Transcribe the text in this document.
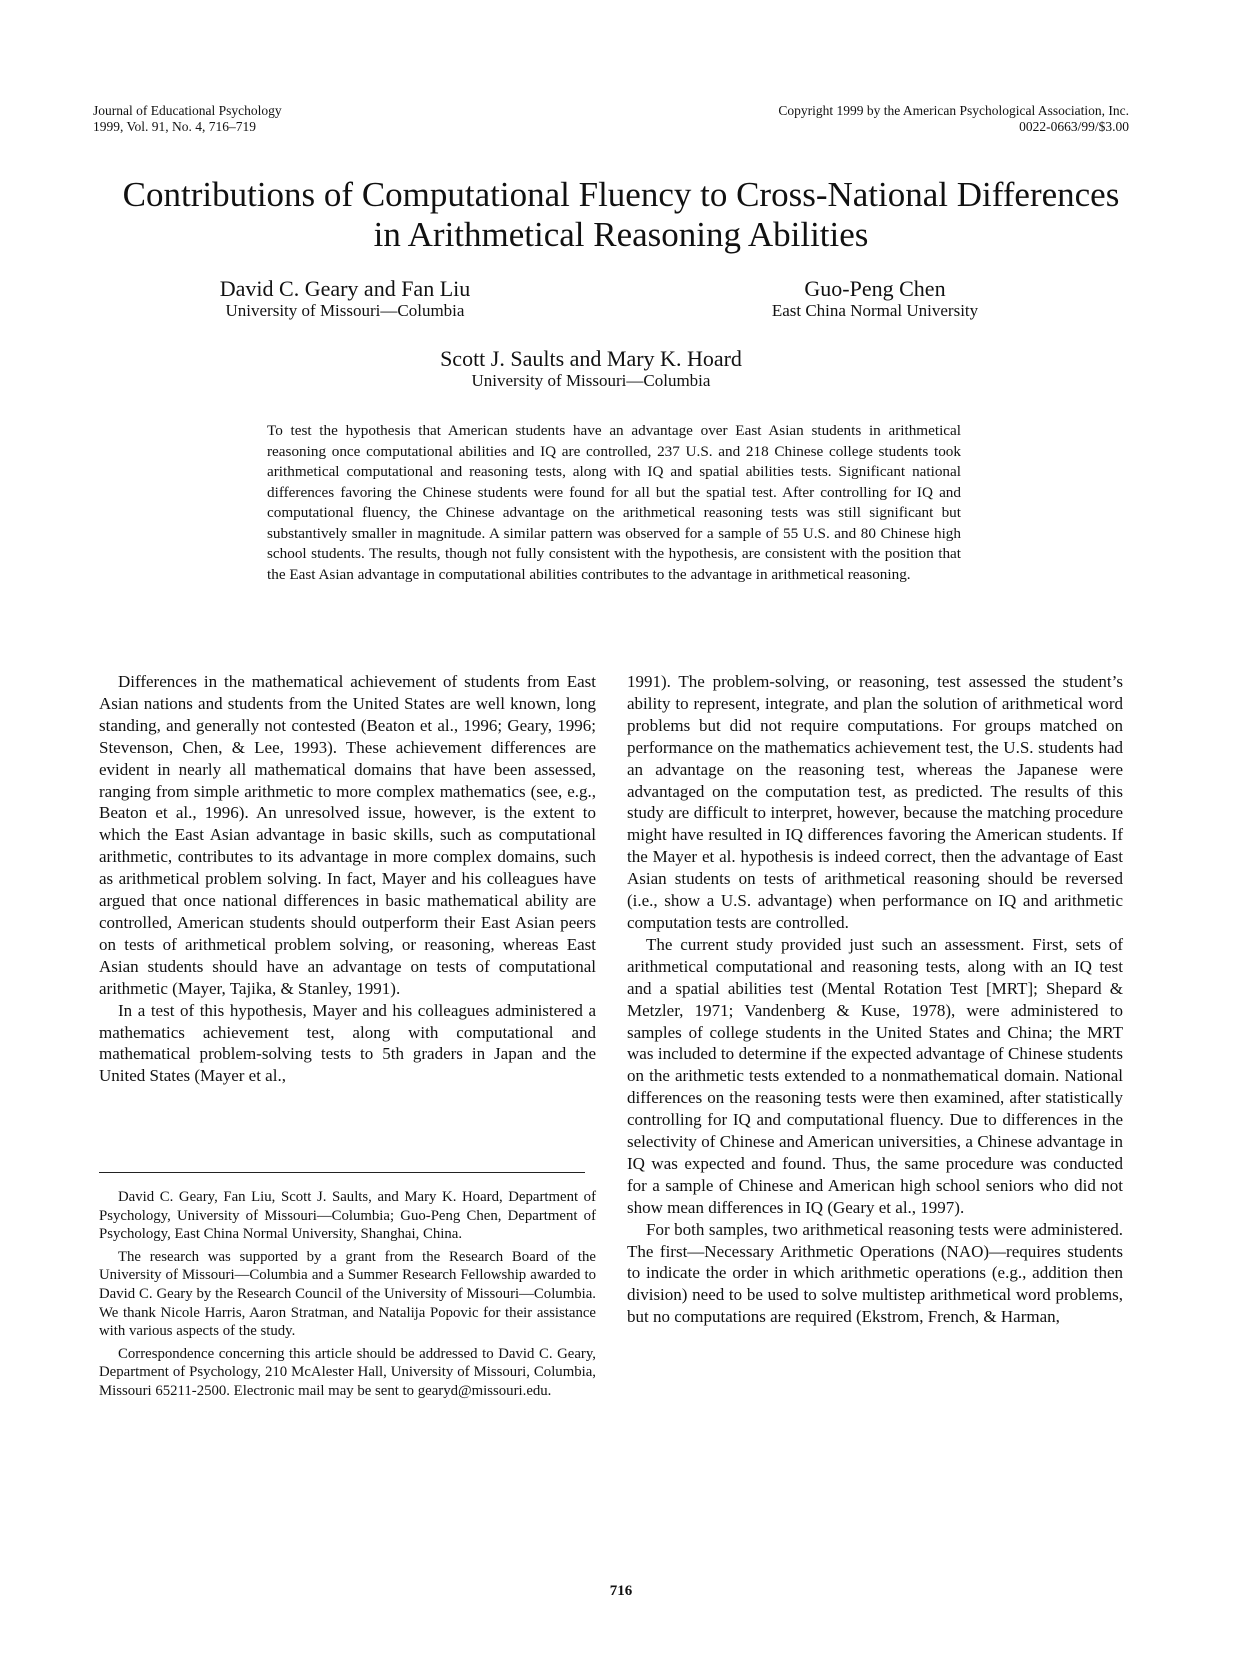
Journal of Educational Psychology
1999, Vol. 91, No. 4, 716–719
Copyright 1999 by the American Psychological Association, Inc.
0022-0663/99/$3.00
Contributions of Computational Fluency to Cross-National Differences
in Arithmetical Reasoning Abilities
David C. Geary and Fan Liu
University of Missouri—Columbia
Guo-Peng Chen
East China Normal University
Scott J. Saults and Mary K. Hoard
University of Missouri—Columbia
To test the hypothesis that American students have an advantage over East Asian students in arithmetical reasoning once computational abilities and IQ are controlled, 237 U.S. and 218 Chinese college students took arithmetical computational and reasoning tests, along with IQ and spatial abilities tests. Significant national differences favoring the Chinese students were found for all but the spatial test. After controlling for IQ and computational fluency, the Chinese advantage on the arithmetical reasoning tests was still significant but substantively smaller in magnitude. A similar pattern was observed for a sample of 55 U.S. and 80 Chinese high school students. The results, though not fully consistent with the hypothesis, are consistent with the position that the East Asian advantage in computational abilities contributes to the advantage in arithmetical reasoning.

Differences in the mathematical achievement of students from East Asian nations and students from the United States are well known, long standing, and generally not contested (Beaton et al., 1996; Geary, 1996; Stevenson, Chen, & Lee, 1993). These achievement differences are evident in nearly all mathematical domains that have been assessed, ranging from simple arithmetic to more complex mathematics (see, e.g., Beaton et al., 1996). An unresolved issue, however, is the extent to which the East Asian advantage in basic skills, such as computational arithmetic, contributes to its advantage in more complex domains, such as arithmetical problem solving. In fact, Mayer and his colleagues have argued that once national differences in basic mathematical ability are controlled, American students should outperform their East Asian peers on tests of arithmetical problem solving, or reasoning, whereas East Asian students should have an advantage on tests of computational arithmetic (Mayer, Tajika, & Stanley, 1991).

In a test of this hypothesis, Mayer and his colleagues administered a mathematics achievement test, along with computational and mathematical problem-solving tests to 5th graders in Japan and the United States (Mayer et al.,

David C. Geary, Fan Liu, Scott J. Saults, and Mary K. Hoard, Department of Psychology, University of Missouri—Columbia; Guo-Peng Chen, Department of Psychology, East China Normal University, Shanghai, China.

The research was supported by a grant from the Research Board of the University of Missouri—Columbia and a Summer Research Fellowship awarded to David C. Geary by the Research Council of the University of Missouri—Columbia. We thank Nicole Harris, Aaron Stratman, and Natalija Popovic for their assistance with various aspects of the study.

Correspondence concerning this article should be addressed to David C. Geary, Department of Psychology, 210 McAlester Hall, University of Missouri, Columbia, Missouri 65211-2500. Electronic mail may be sent to gearyd@missouri.edu.

1991). The problem-solving, or reasoning, test assessed the student’s ability to represent, integrate, and plan the solution of arithmetical word problems but did not require computations. For groups matched on performance on the mathematics achievement test, the U.S. students had an advantage on the reasoning test, whereas the Japanese were advantaged on the computation test, as predicted. The results of this study are difficult to interpret, however, because the matching procedure might have resulted in IQ differences favoring the American students. If the Mayer et al. hypothesis is indeed correct, then the advantage of East Asian students on tests of arithmetical reasoning should be reversed (i.e., show a U.S. advantage) when performance on IQ and arithmetic computation tests are controlled.

The current study provided just such an assessment. First, sets of arithmetical computational and reasoning tests, along with an IQ test and a spatial abilities test (Mental Rotation Test [MRT]; Shepard & Metzler, 1971; Vandenberg & Kuse, 1978), were administered to samples of college students in the United States and China; the MRT was included to determine if the expected advantage of Chinese students on the arithmetic tests extended to a nonmathematical domain. National differences on the reasoning tests were then examined, after statistically controlling for IQ and computational fluency. Due to differences in the selectivity of Chinese and American universities, a Chinese advantage in IQ was expected and found. Thus, the same procedure was conducted for a sample of Chinese and American high school seniors who did not show mean differences in IQ (Geary et al., 1997).

For both samples, two arithmetical reasoning tests were administered. The first—Necessary Arithmetic Operations (NAO)—requires students to indicate the order in which arithmetic operations (e.g., addition then division) need to be used to solve multistep arithmetical word problems, but no computations are required (Ekstrom, French, & Harman,

716
